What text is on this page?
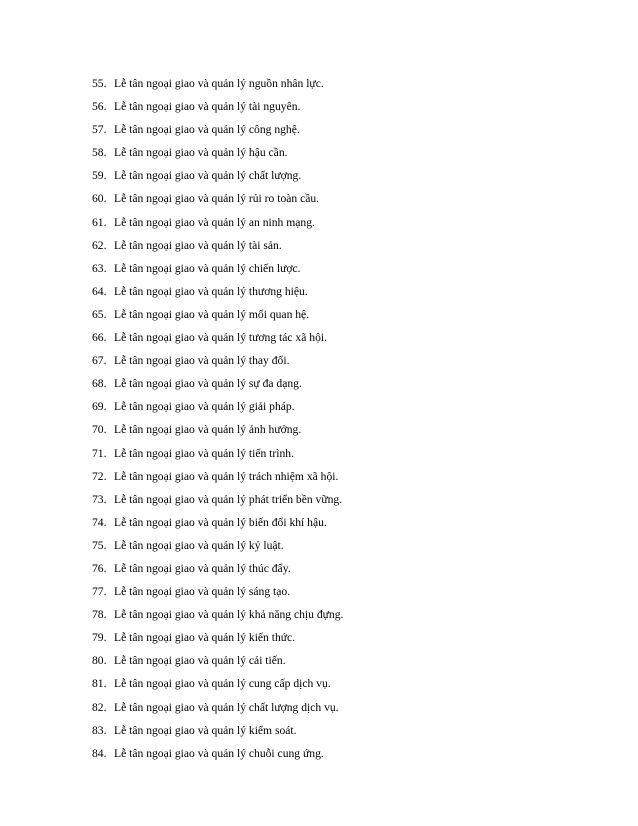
55. Lễ tân ngoại giao và quản lý nguồn nhân lực.
56. Lễ tân ngoại giao và quản lý tài nguyên.
57. Lễ tân ngoại giao và quản lý công nghệ.
58. Lễ tân ngoại giao và quản lý hậu cần.
59. Lễ tân ngoại giao và quản lý chất lượng.
60. Lễ tân ngoại giao và quản lý rủi ro toàn cầu.
61. Lễ tân ngoại giao và quản lý an ninh mạng.
62. Lễ tân ngoại giao và quản lý tài sản.
63. Lễ tân ngoại giao và quản lý chiến lược.
64. Lễ tân ngoại giao và quản lý thương hiệu.
65. Lễ tân ngoại giao và quản lý mối quan hệ.
66. Lễ tân ngoại giao và quản lý tương tác xã hội.
67. Lễ tân ngoại giao và quản lý thay đổi.
68. Lễ tân ngoại giao và quản lý sự đa dạng.
69. Lễ tân ngoại giao và quản lý giải pháp.
70. Lễ tân ngoại giao và quản lý ảnh hưởng.
71. Lễ tân ngoại giao và quản lý tiến trình.
72. Lễ tân ngoại giao và quản lý trách nhiệm xã hội.
73. Lễ tân ngoại giao và quản lý phát triển bền vững.
74. Lễ tân ngoại giao và quản lý biến đổi khí hậu.
75. Lễ tân ngoại giao và quản lý kỷ luật.
76. Lễ tân ngoại giao và quản lý thúc đẩy.
77. Lễ tân ngoại giao và quản lý sáng tạo.
78. Lễ tân ngoại giao và quản lý khả năng chịu đựng.
79. Lễ tân ngoại giao và quản lý kiến thức.
80. Lễ tân ngoại giao và quản lý cải tiến.
81. Lễ tân ngoại giao và quản lý cung cấp dịch vụ.
82. Lễ tân ngoại giao và quản lý chất lượng dịch vụ.
83. Lễ tân ngoại giao và quản lý kiểm soát.
84. Lễ tân ngoại giao và quản lý chuỗi cung ứng.
